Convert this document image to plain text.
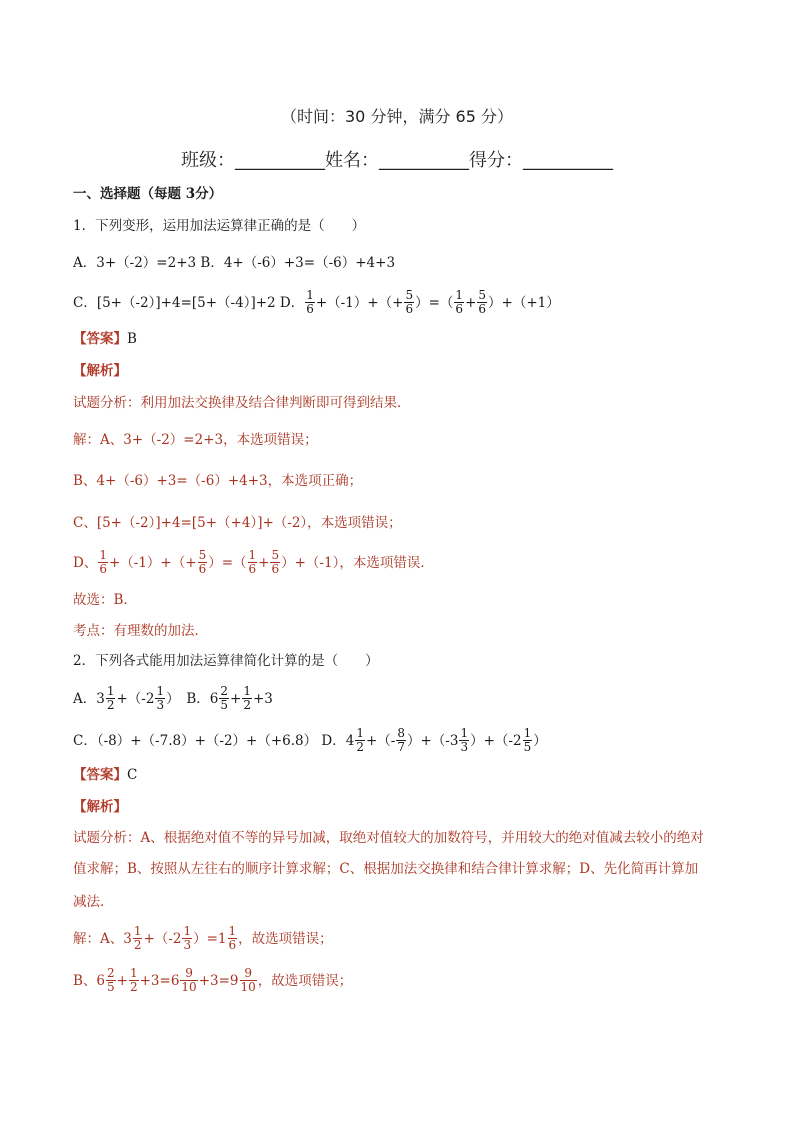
（时间：30 分钟，满分 65 分）
班级：__________姓名：__________得分：__________
一、选择题（每题 3分）
1．下列变形，运用加法运算律正确的是（　　）
A．3+（-2）=2+3 B．4+（-6）+3=（-6）+4+3
C．[5+（-2）]+4=[5+（-4）]+2 D． $\frac{1}{6} +(-1)+(+ \frac{5}{6}$ ）=（ $\frac{1}{6} + \frac{5}{6} )+(+1)$
【答案】B
【解析】
试题分析：利用加法交换律及结合律判断即可得到结果．
解：A、3+（-2）=2+3，本选项错误；
B、4+（-6）+3=（-6）+4+3，本选项正确；
C、[5+（-2）]+4=[5+（+4）]+（-2），本选项错误；
D、 $\frac{1}{6} +(-1)+(+ \frac{5}{6}$ ）=（ $\frac{1}{6} + \frac{5}{6} )+(-1)$，本选项错误．
故选：B．
考点：有理数的加法．
2．下列各式能用加法运算律简化计算的是（　　）
A．$3 \frac{1}{2} +(-2 \frac{1}{3}$ ）　B．$6 \frac{2}{5} + \frac{1}{2} +3$
C．（-8）+（-7.8）+（-2）+（+6.8） D．$4 \frac{1}{2}$ +（- $\frac{8}{7} )+(-3 \frac{1}{3} )+(-2 \frac{1}{5}$ ）
【答案】C
【解析】
试题分析：A、根据绝对值不等的异号加减，取绝对值较大的加数符号，并用较大的绝对值减去较小的绝对
值求解；B、按照从左往右的顺序计算求解；C、根据加法交换律和结合律计算求解；D、先化简再计算加
减法．
解：A、$3 \frac{1}{2} +(-2 \frac{1}{3} )=1 \frac{1}{6}$ ，故选项错误；
B、$6 \frac{2}{5} + \frac{1}{2} +3=6 \frac{9}{10} +3=9 \frac{9}{10}$ ，故选项错误；
